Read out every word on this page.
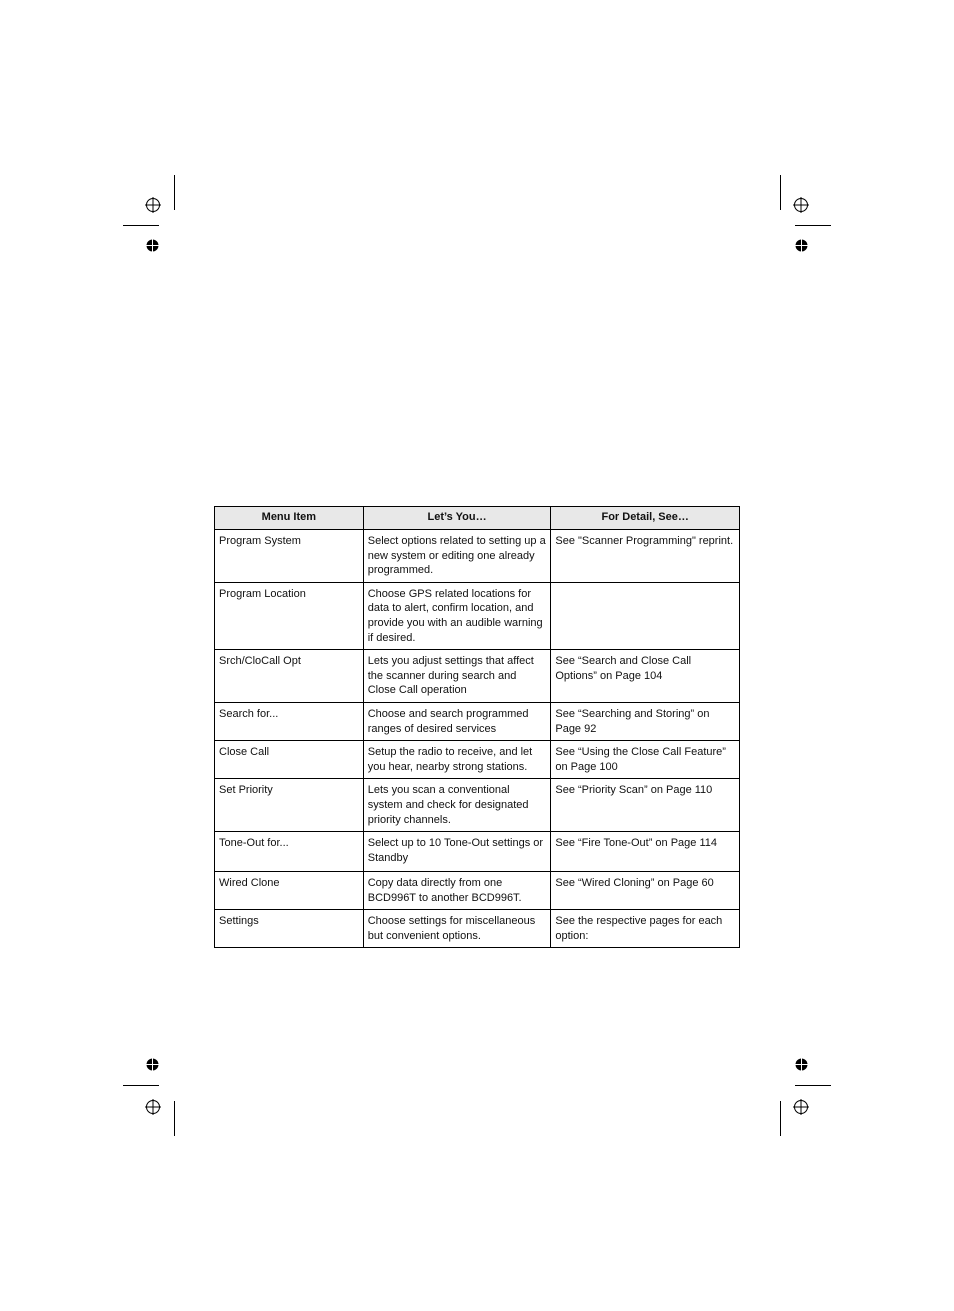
Menu Item	Let’s You…	For Detail, See…
Program System	Select options related to setting up a new system or editing one already programmed.	See "Scanner Programming" reprint.
Program Location	Choose GPS related locations for data to alert, confirm location, and provide you with an audible warning if desired.	
Srch/CloCall Opt	Lets you adjust settings that affect the scanner during search and Close Call operation	See “Search and Close Call Options” on Page 104
Search for...	Choose and search programmed ranges of desired services	See “Searching and Storing” on Page 92
Close Call	Setup the radio to receive, and let you hear, nearby strong stations.	See “Using the Close Call Feature” on Page 100
Set Priority	Lets you scan a conventional system and check for designated priority channels.	See “Priority Scan” on Page 110
Tone-Out for...	Select up to 10 Tone-Out settings or Standby	See “Fire Tone-Out” on Page 114
Wired Clone	Copy data directly from one BCD996T to another BCD996T.	See “Wired Cloning” on Page 60
Settings	Choose settings for miscellaneous but convenient options.	See the respective pages for each option:
